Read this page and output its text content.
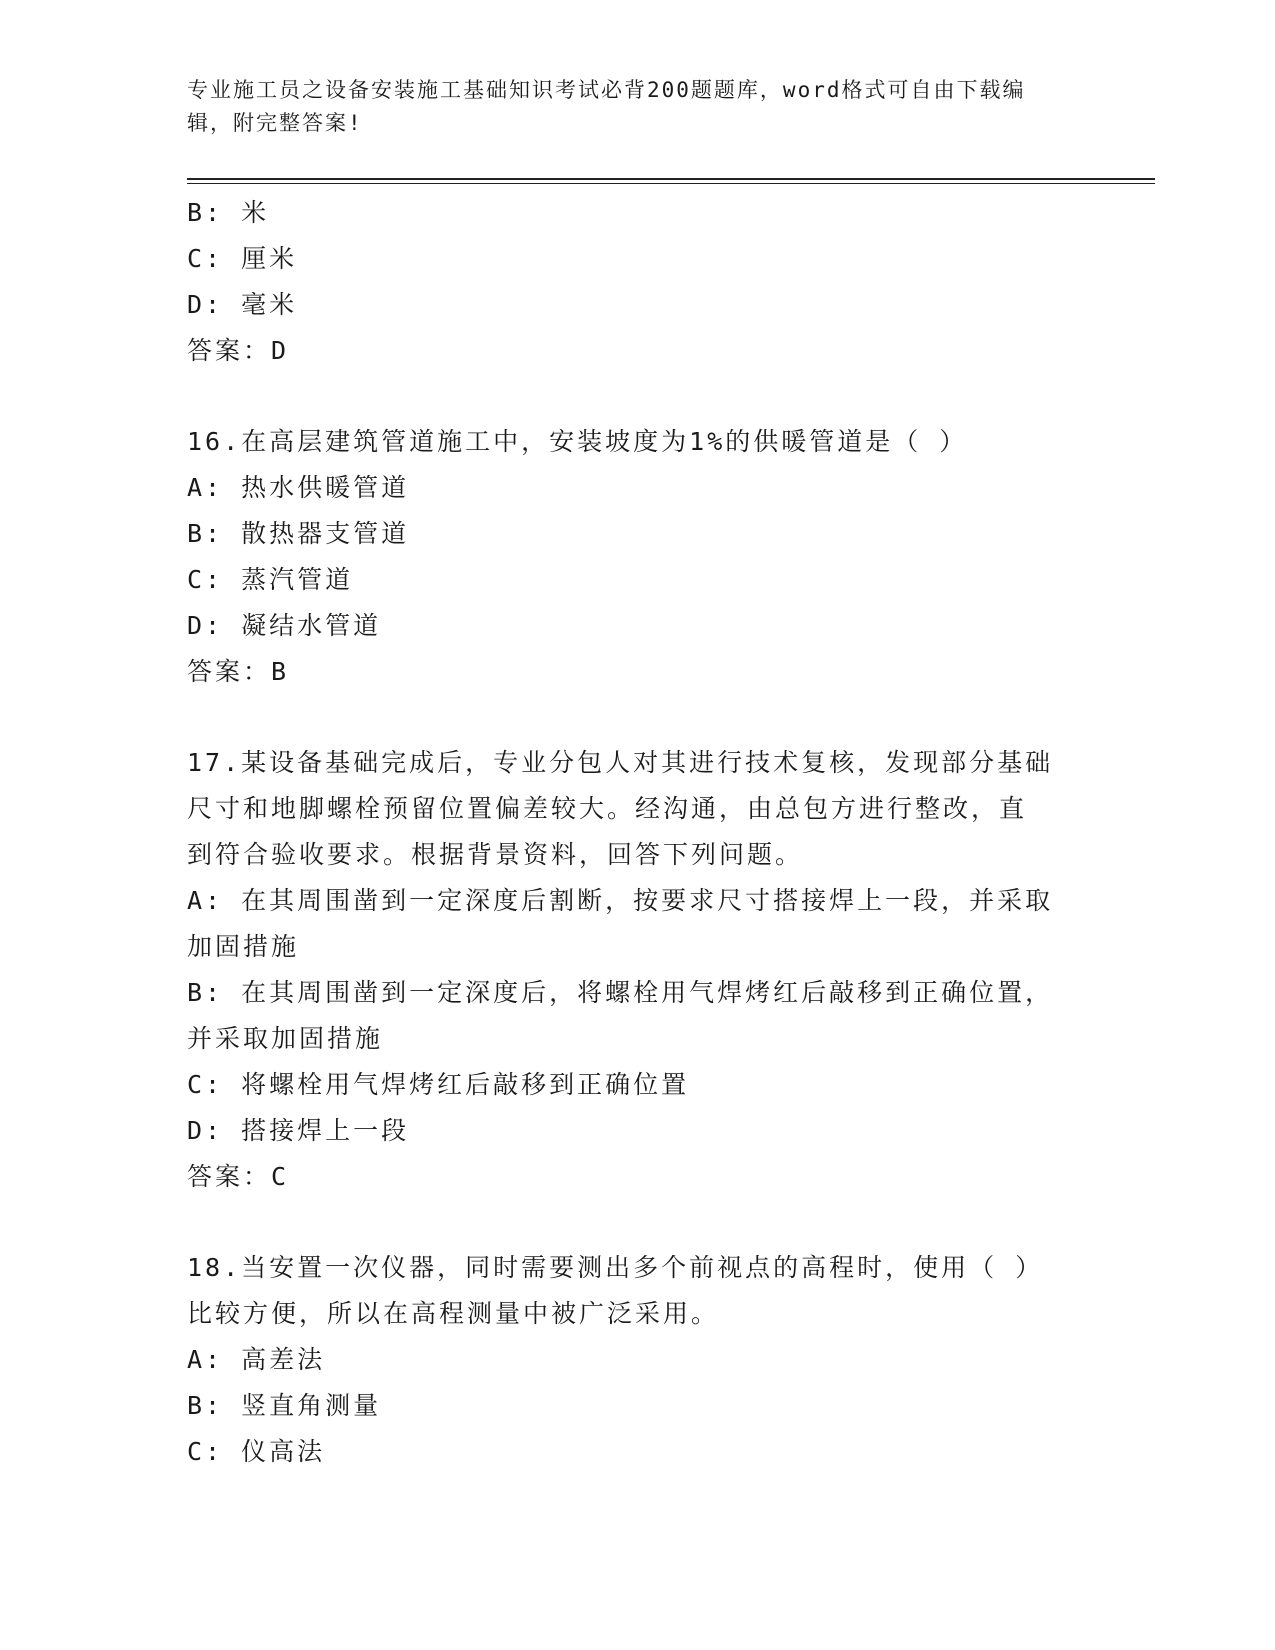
专业施工员之设备安装施工基础知识考试必背200题题库，word格式可自由下载编辑，附完整答案!
B: 米
C: 厘米
D: 毫米
答案：D
16.在高层建筑管道施工中，安装坡度为1%的供暖管道是（ ）
A: 热水供暖管道
B: 散热器支管道
C: 蒸汽管道
D: 凝结水管道
答案：B
17.某设备基础完成后，专业分包人对其进行技术复核，发现部分基础
尺寸和地脚螺栓预留位置偏差较大。经沟通，由总包方进行整改，直
到符合验收要求。根据背景资料，回答下列问题。
A: 在其周围凿到一定深度后割断，按要求尺寸搭接焊上一段，并采取
加固措施
B: 在其周围凿到一定深度后，将螺栓用气焊烤红后敲移到正确位置，
并采取加固措施
C: 将螺栓用气焊烤红后敲移到正确位置
D: 搭接焊上一段
答案：C
18.当安置一次仪器，同时需要测出多个前视点的高程时，使用（ ）
比较方便，所以在高程测量中被广泛采用。
A: 高差法
B: 竖直角测量
C: 仪高法
